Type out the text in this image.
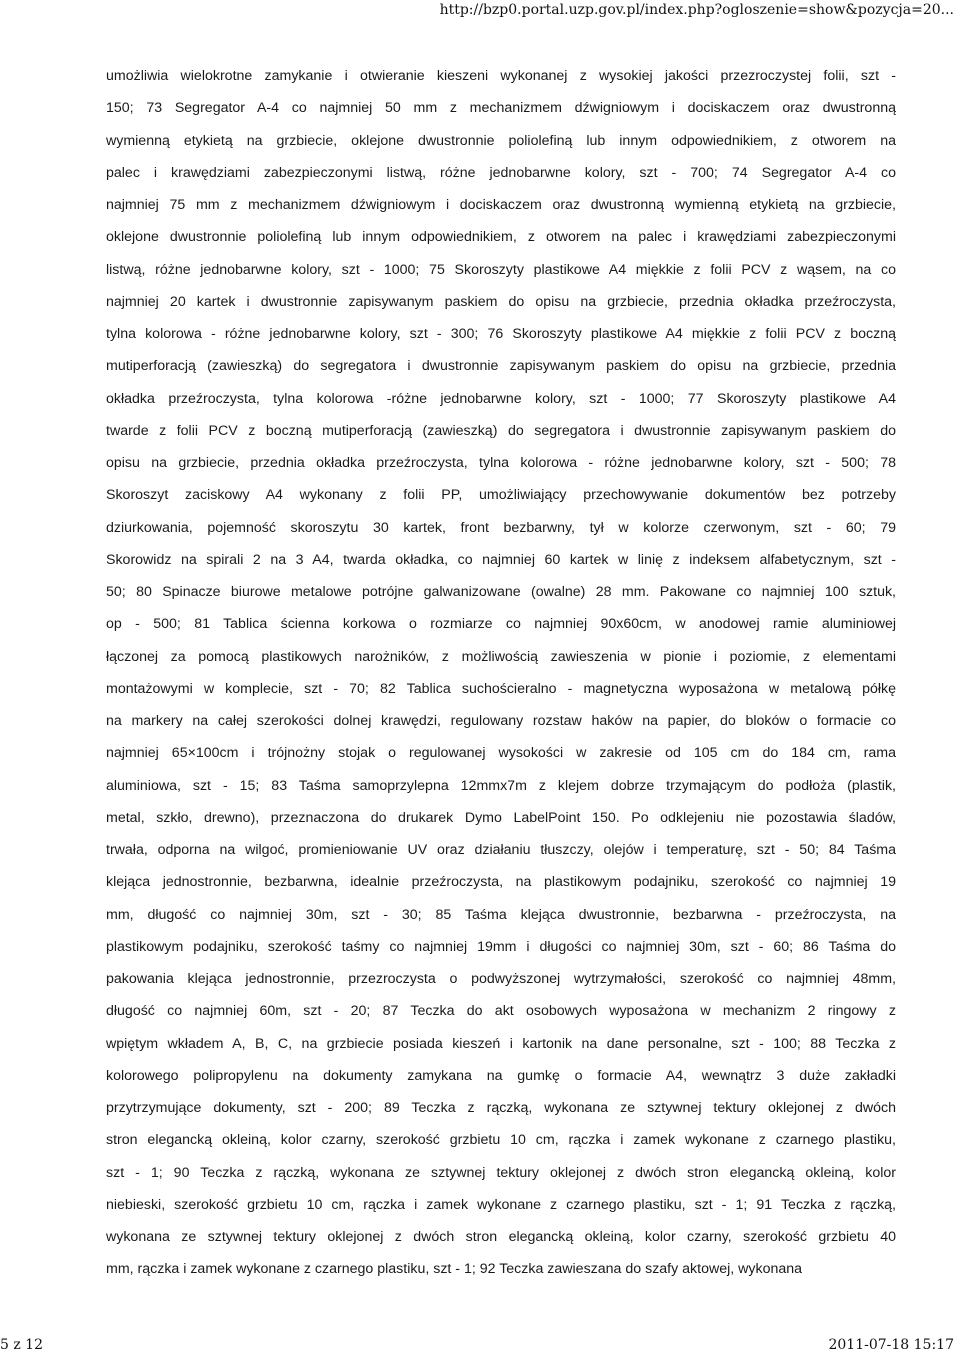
http://bzp0.portal.uzp.gov.pl/index.php?ogloszenie=show&pozycja=20...
umożliwia wielokrotne zamykanie i otwieranie kieszeni wykonanej z wysokiej jakości przezroczystej folii, szt -
150; 73 Segregator A-4 co najmniej 50 mm z mechanizmem dźwigniowym i dociskaczem oraz dwustronną
wymienną etykietą na grzbiecie, oklejone dwustronnie poliolefiną lub innym odpowiednikiem, z otworem na
palec i krawędziami zabezpieczonymi listwą, różne jednobarwne kolory, szt - 700; 74 Segregator A-4 co
najmniej 75 mm z mechanizmem dźwigniowym i dociskaczem oraz dwustronną wymienną etykietą na grzbiecie,
oklejone dwustronnie poliolefiną lub innym odpowiednikiem, z otworem na palec i krawędziami zabezpieczonymi
listwą, różne jednobarwne kolory, szt - 1000; 75 Skoroszyty plastikowe A4 miękkie z folii PCV z wąsem, na co
najmniej 20 kartek i dwustronnie zapisywanym paskiem do opisu na grzbiecie, przednia okładka przeźroczysta,
tylna kolorowa - różne jednobarwne kolory, szt - 300; 76 Skoroszyty plastikowe A4 miękkie z folii PCV z boczną
mutiperforacją (zawieszką) do segregatora i dwustronnie zapisywanym paskiem do opisu na grzbiecie, przednia
okładka przeźroczysta, tylna kolorowa -różne jednobarwne kolory, szt - 1000; 77 Skoroszyty plastikowe A4
twarde z folii PCV z boczną mutiperforacją (zawieszką) do segregatora i dwustronnie zapisywanym paskiem do
opisu na grzbiecie, przednia okładka przeźroczysta, tylna kolorowa - różne jednobarwne kolory, szt - 500; 78
Skoroszyt zaciskowy A4 wykonany z folii PP, umożliwiający przechowywanie dokumentów bez potrzeby
dziurkowania, pojemność skoroszytu 30 kartek, front bezbarwny, tył w kolorze czerwonym, szt - 60; 79
Skorowidz na spirali 2 na 3 A4, twarda okładka, co najmniej 60 kartek w linię z indeksem alfabetycznym, szt -
50; 80 Spinacze biurowe metalowe potrójne galwanizowane (owalne) 28 mm. Pakowane co najmniej 100 sztuk,
op - 500; 81 Tablica ścienna korkowa o rozmiarze co najmniej 90x60cm, w anodowej ramie aluminiowej
łączonej za pomocą plastikowych narożników, z możliwością zawieszenia w pionie i poziomie, z elementami
montażowymi w komplecie, szt - 70; 82 Tablica suchościeralno - magnetyczna wyposażona w metalową półkę
na markery na całej szerokości dolnej krawędzi, regulowany rozstaw haków na papier, do bloków o formacie co
najmniej 65×100cm i trójnożny stojak o regulowanej wysokości w zakresie od 105 cm do 184 cm, rama
aluminiowa, szt - 15; 83 Taśma samoprzylepna 12mmx7m z klejem dobrze trzymającym do podłoża (plastik,
metal, szkło, drewno), przeznaczona do drukarek Dymo LabelPoint 150. Po odklejeniu nie pozostawia śladów,
trwała, odporna na wilgoć, promieniowanie UV oraz działaniu tłuszczy, olejów i temperaturę, szt - 50; 84 Taśma
klejąca jednostronnie, bezbarwna, idealnie przeźroczysta, na plastikowym podajniku, szerokość co najmniej 19
mm, długość co najmniej 30m, szt - 30; 85 Taśma klejąca dwustronnie, bezbarwna - przeźroczysta, na
plastikowym podajniku, szerokość taśmy co najmniej 19mm i długości co najmniej 30m, szt - 60; 86 Taśma do
pakowania klejąca jednostronnie, przezroczysta o podwyższonej wytrzymałości, szerokość co najmniej 48mm,
długość co najmniej 60m, szt - 20; 87 Teczka do akt osobowych wyposażona w mechanizm 2 ringowy z
wpiętym wkładem A, B, C, na grzbiecie posiada kieszeń i kartonik na dane personalne, szt - 100; 88 Teczka z
kolorowego polipropylenu na dokumenty zamykana na gumkę o formacie A4, wewnątrz 3 duże zakładki
przytrzymujące dokumenty, szt - 200; 89 Teczka z rączką, wykonana ze sztywnej tektury oklejonej z dwóch
stron elegancką okleiną, kolor czarny, szerokość grzbietu 10 cm, rączka i zamek wykonane z czarnego plastiku,
szt - 1; 90 Teczka z rączką, wykonana ze sztywnej tektury oklejonej z dwóch stron elegancką okleiną, kolor
niebieski, szerokość grzbietu 10 cm, rączka i zamek wykonane z czarnego plastiku, szt - 1; 91 Teczka z rączką,
wykonana ze sztywnej tektury oklejonej z dwóch stron elegancką okleiną, kolor czarny, szerokość grzbietu 40
mm, rączka i zamek wykonane z czarnego plastiku, szt - 1; 92 Teczka zawieszana do szafy aktowej, wykonana
5 z 12	2011-07-18 15:17
